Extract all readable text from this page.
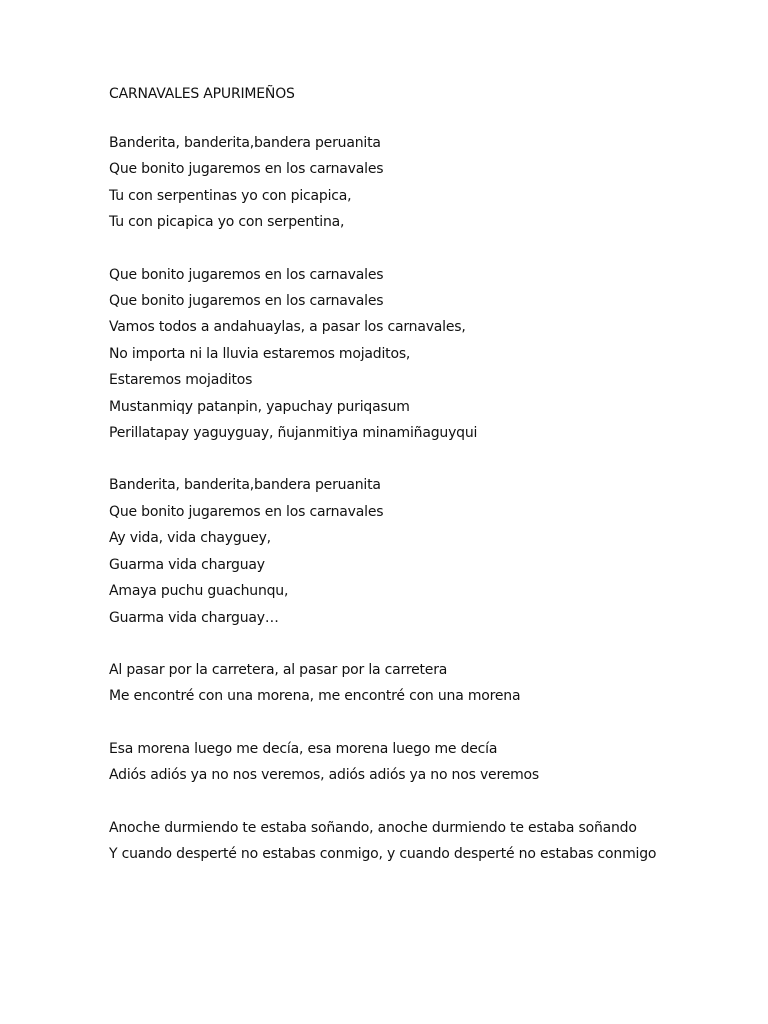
CARNAVALES APURIMEÑOS
Banderita, banderita,bandera peruanita
Que bonito jugaremos en los carnavales
Tu con serpentinas yo con picapica,
Tu con picapica yo con serpentina,
Que bonito jugaremos en los carnavales
Que bonito jugaremos en los carnavales
Vamos todos a andahuaylas, a pasar los carnavales,
No importa ni la lluvia estaremos mojaditos,
Estaremos mojaditos
Mustanmiqy patanpin, yapuchay puriqasum
Perillatapay yaguyguay, ñujanmitiya minamiñaguyqui
Banderita, banderita,bandera peruanita
Que bonito jugaremos en los carnavales
Ay vida, vida chayguey,
Guarma vida charguay
Amaya puchu guachunqu,
Guarma vida charguay…
Al pasar por la carretera, al pasar por la carretera
Me encontré con una morena, me encontré con una morena
Esa morena luego me decía, esa morena luego me decía
Adiós adiós ya no nos veremos, adiós adiós ya no nos veremos
Anoche durmiendo te estaba soñando, anoche durmiendo te estaba soñando
Y cuando desperté no estabas conmigo, y cuando desperté no estabas conmigo
